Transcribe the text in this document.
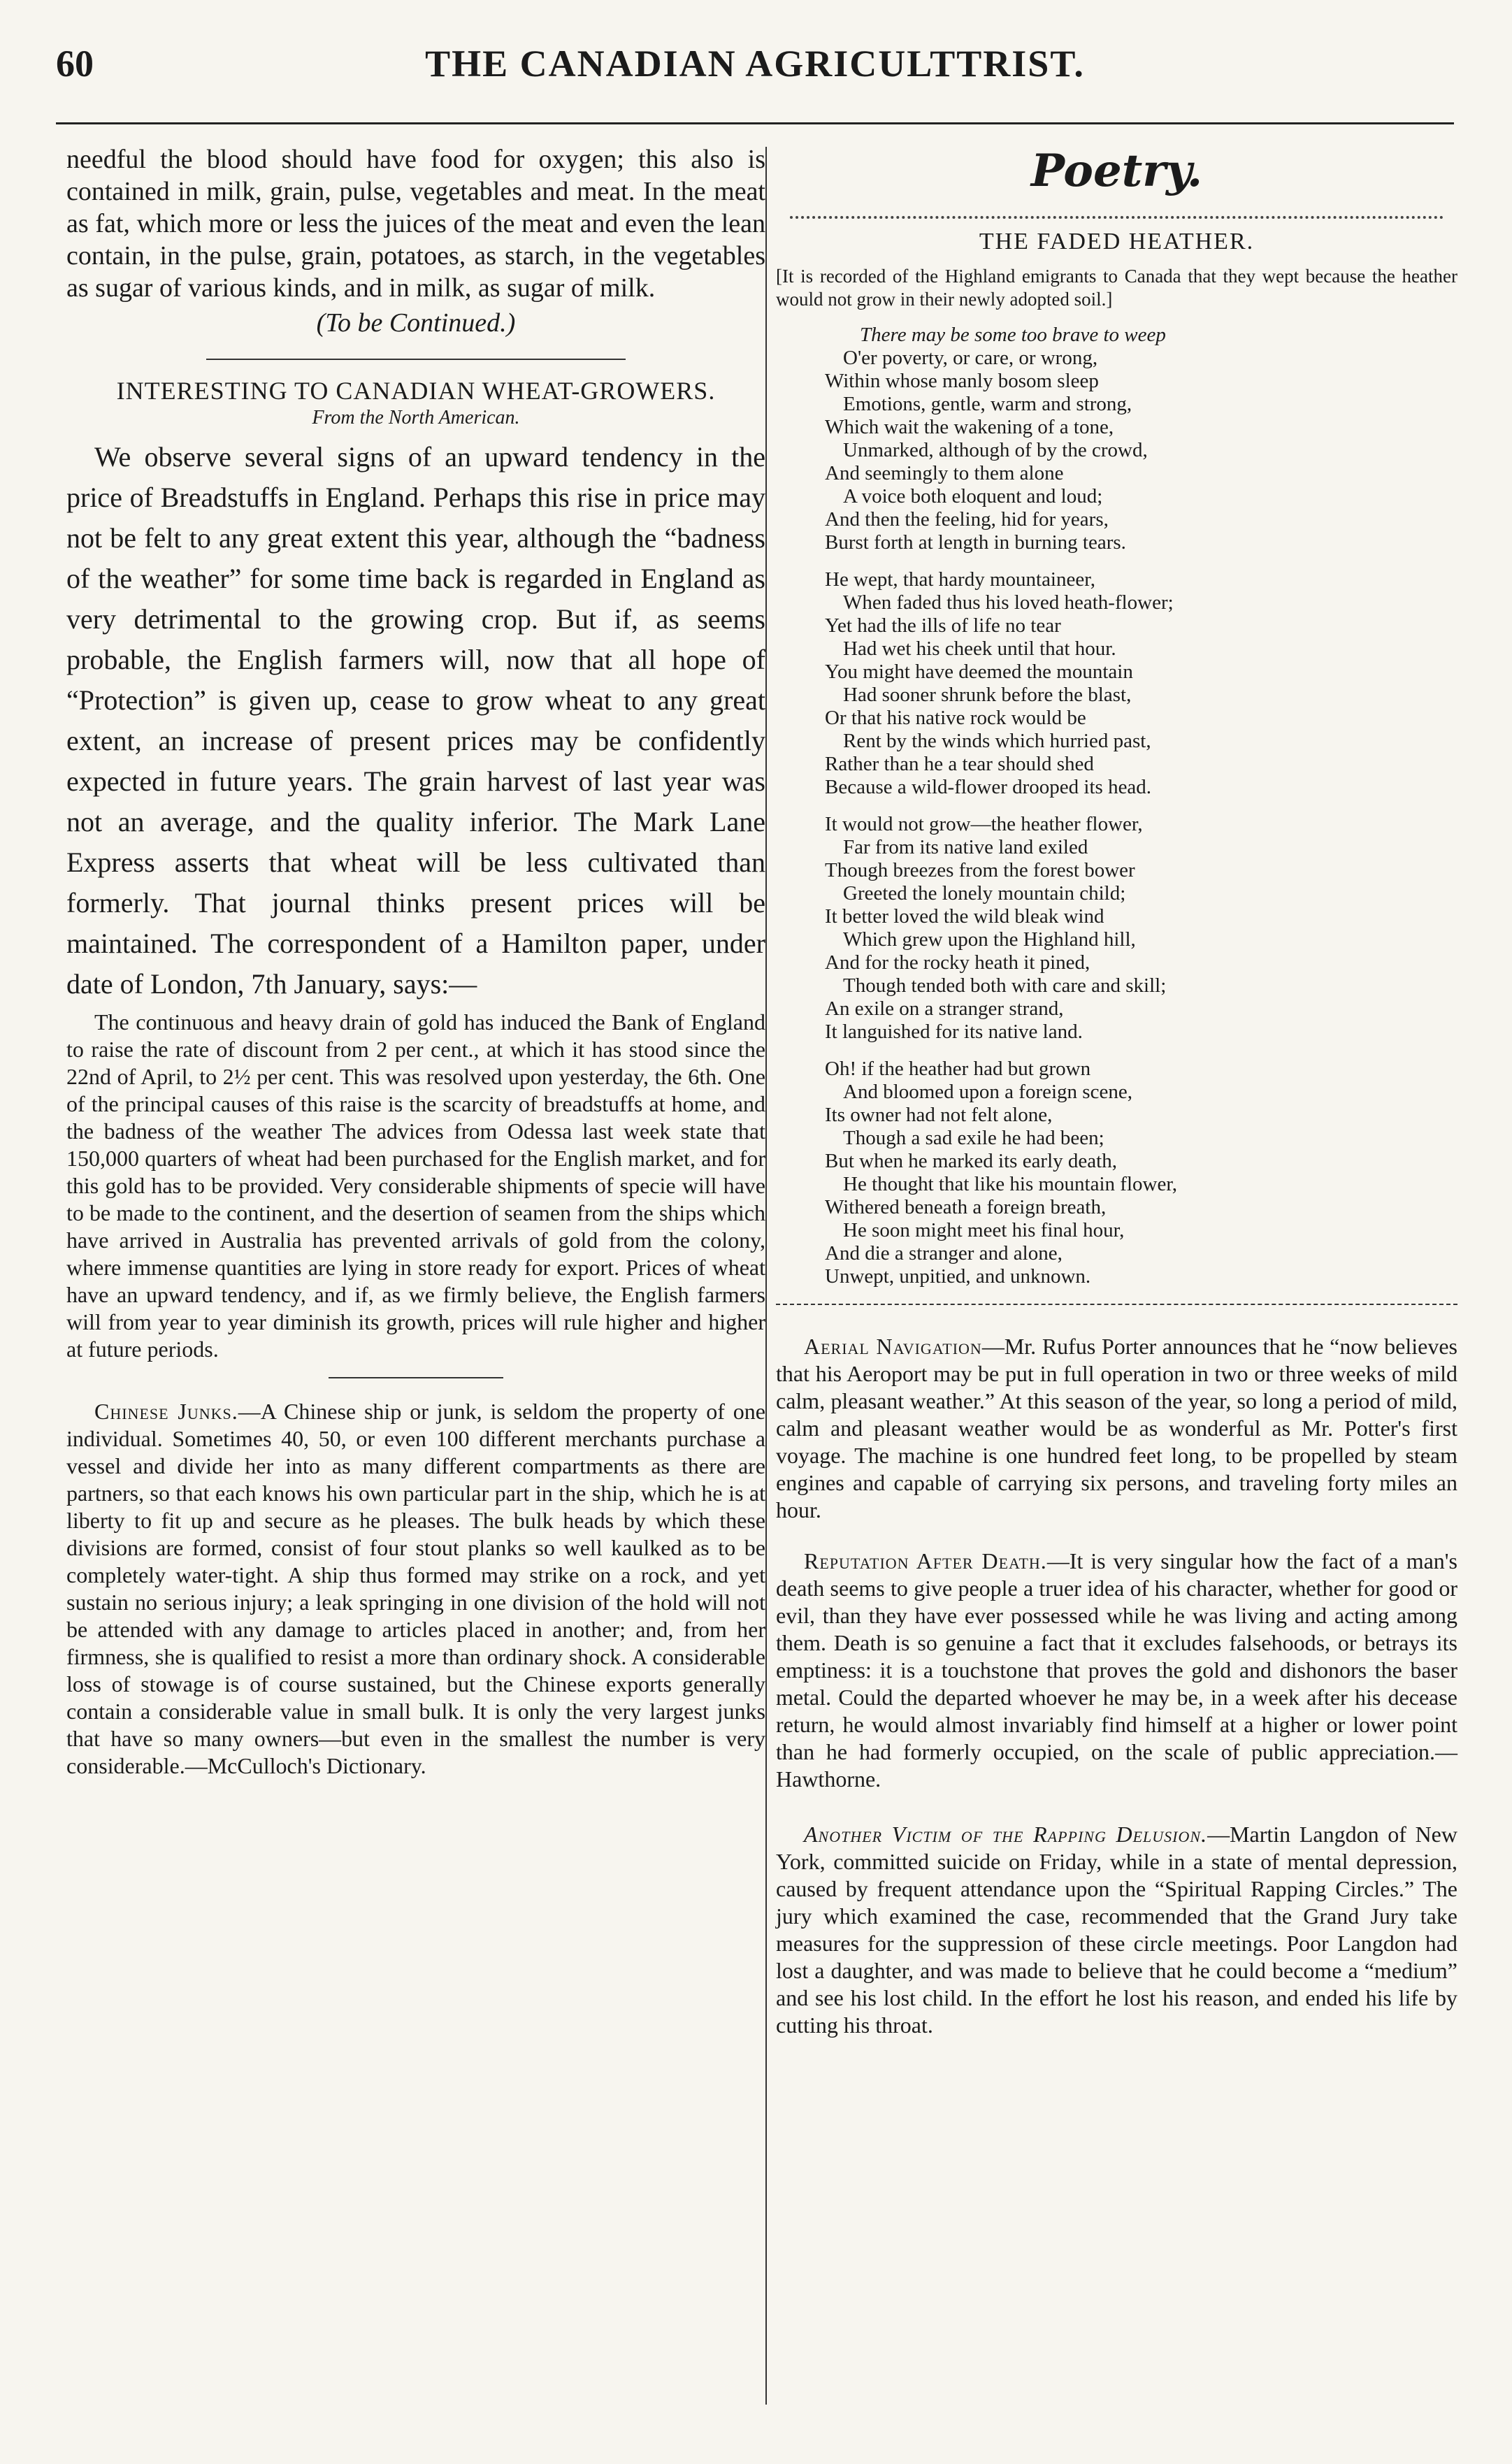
60	THE CANADIAN AGRICULTTRIST.

needful the blood should have food for oxygen; this also is contained in milk, grain, pulse, vegetables and meat. In the meat as fat, which more or less the juices of the meat and even the lean contain, in the pulse, grain, potatoes, as starch, in the vegetables as sugar of various kinds, and in milk, as sugar of milk.

(To be Continued.)
INTERESTING TO CANADIAN WHEAT-GROWERS.
From the North American.

We observe several signs of an upward tendency in the price of Breadstuffs in England. Perhaps this rise in price may not be felt to any great extent this year, although the “badness of the weather” for some time back is regarded in England as very detrimental to the growing crop. But if, as seems probable, the English farmers will, now that all hope of “Protection” is given up, cease to grow wheat to any great extent, an increase of present prices may be confidently expected in future years. The grain harvest of last year was not an average, and the quality inferior. The Mark Lane Express asserts that wheat will be less cultivated than formerly. That journal thinks present prices will be maintained. The correspondent of a Hamilton paper, under date of London, 7th January, says:—

The continuous and heavy drain of gold has induced the Bank of England to raise the rate of discount from 2 per cent., at which it has stood since the 22nd of April, to 2½ per cent. This was resolved upon yesterday, the 6th. One of the principal causes of this raise is the scarcity of breadstuffs at home, and the badness of the weather The advices from Odessa last week state that 150,000 quarters of wheat had been purchased for the English market, and for this gold has to be provided. Very considerable shipments of specie will have to be made to the continent, and the desertion of seamen from the ships which have arrived in Australia has prevented arrivals of gold from the colony, where immense quantities are lying in store ready for export. Prices of wheat have an upward tendency, and if, as we firmly believe, the English farmers will from year to year diminish its growth, prices will rule higher and higher at future periods.

Chinese Junks.—A Chinese ship or junk, is seldom the property of one individual. Sometimes 40, 50, or even 100 different merchants purchase a vessel and divide her into as many different compartments as there are partners, so that each knows his own particular part in the ship, which he is at liberty to fit up and secure as he pleases. The bulk heads by which these divisions are formed, consist of four stout planks so well kaulked as to be completely water-tight. A ship thus formed may strike on a rock, and yet sustain no serious injury; a leak springing in one division of the hold will not be attended with any damage to articles placed in another; and, from her firmness, she is qualified to resist a more than ordinary shock. A considerable loss of stowage is of course sustained, but the Chinese exports generally contain a considerable value in small bulk. It is only the very largest junks that have so many owners—but even in the smallest the number is very considerable.—McCulloch's Dictionary.

Poetry.
THE FADED HEATHER.

[It is recorded of the Highland emigrants to Canada that they wept because the heather would not grow in their newly adopted soil.]

There may be some too brave to weep
O'er poverty, or care, or wrong,
Within whose manly bosom sleep
Emotions, gentle, warm and strong,
Which wait the wakening of a tone,
Unmarked, although of by the crowd,
And seemingly to them alone
A voice both eloquent and loud;
And then the feeling, hid for years,
Burst forth at length in burning tears.
He wept, that hardy mountaineer,
When faded thus his loved heath-flower;
Yet had the ills of life no tear
Had wet his cheek until that hour.
You might have deemed the mountain
Had sooner shrunk before the blast,
Or that his native rock would be
Rent by the winds which hurried past,
Rather than he a tear should shed
Because a wild-flower drooped its head.
It would not grow—the heather flower,
Far from its native land exiled
Though breezes from the forest bower
Greeted the lonely mountain child;
It better loved the wild bleak wind
Which grew upon the Highland hill,
And for the rocky heath it pined,
Though tended both with care and skill;
An exile on a stranger strand,
It languished for its native land.
Oh! if the heather had but grown
And bloomed upon a foreign scene,
Its owner had not felt alone,
Though a sad exile he had been;
But when he marked its early death,
He thought that like his mountain flower,
Withered beneath a foreign breath,
He soon might meet his final hour,
And die a stranger and alone,
Unwept, unpitied, and unknown.

Aerial Navigation—Mr. Rufus Porter announces that he “now believes that his Aeroport may be put in full operation in two or three weeks of mild calm, pleasant weather.” At this season of the year, so long a period of mild, calm and pleasant weather would be as wonderful as Mr. Potter's first voyage. The machine is one hundred feet long, to be propelled by steam engines and capable of carrying six persons, and traveling forty miles an hour.

Reputation After Death.—It is very singular how the fact of a man's death seems to give people a truer idea of his character, whether for good or evil, than they have ever possessed while he was living and acting among them. Death is so genuine a fact that it excludes falsehoods, or betrays its emptiness: it is a touchstone that proves the gold and dishonors the baser metal. Could the departed whoever he may be, in a week after his decease return, he would almost invariably find himself at a higher or lower point than he had formerly occupied, on the scale of public appreciation.—Hawthorne.

Another Victim of the Rapping Delusion.—Martin Langdon of New York, committed suicide on Friday, while in a state of mental depression, caused by frequent attendance upon the “Spiritual Rapping Circles.” The jury which examined the case, recommended that the Grand Jury take measures for the suppression of these circle meetings. Poor Langdon had lost a daughter, and was made to believe that he could become a “medium” and see his lost child. In the effort he lost his reason, and ended his life by cutting his throat.
